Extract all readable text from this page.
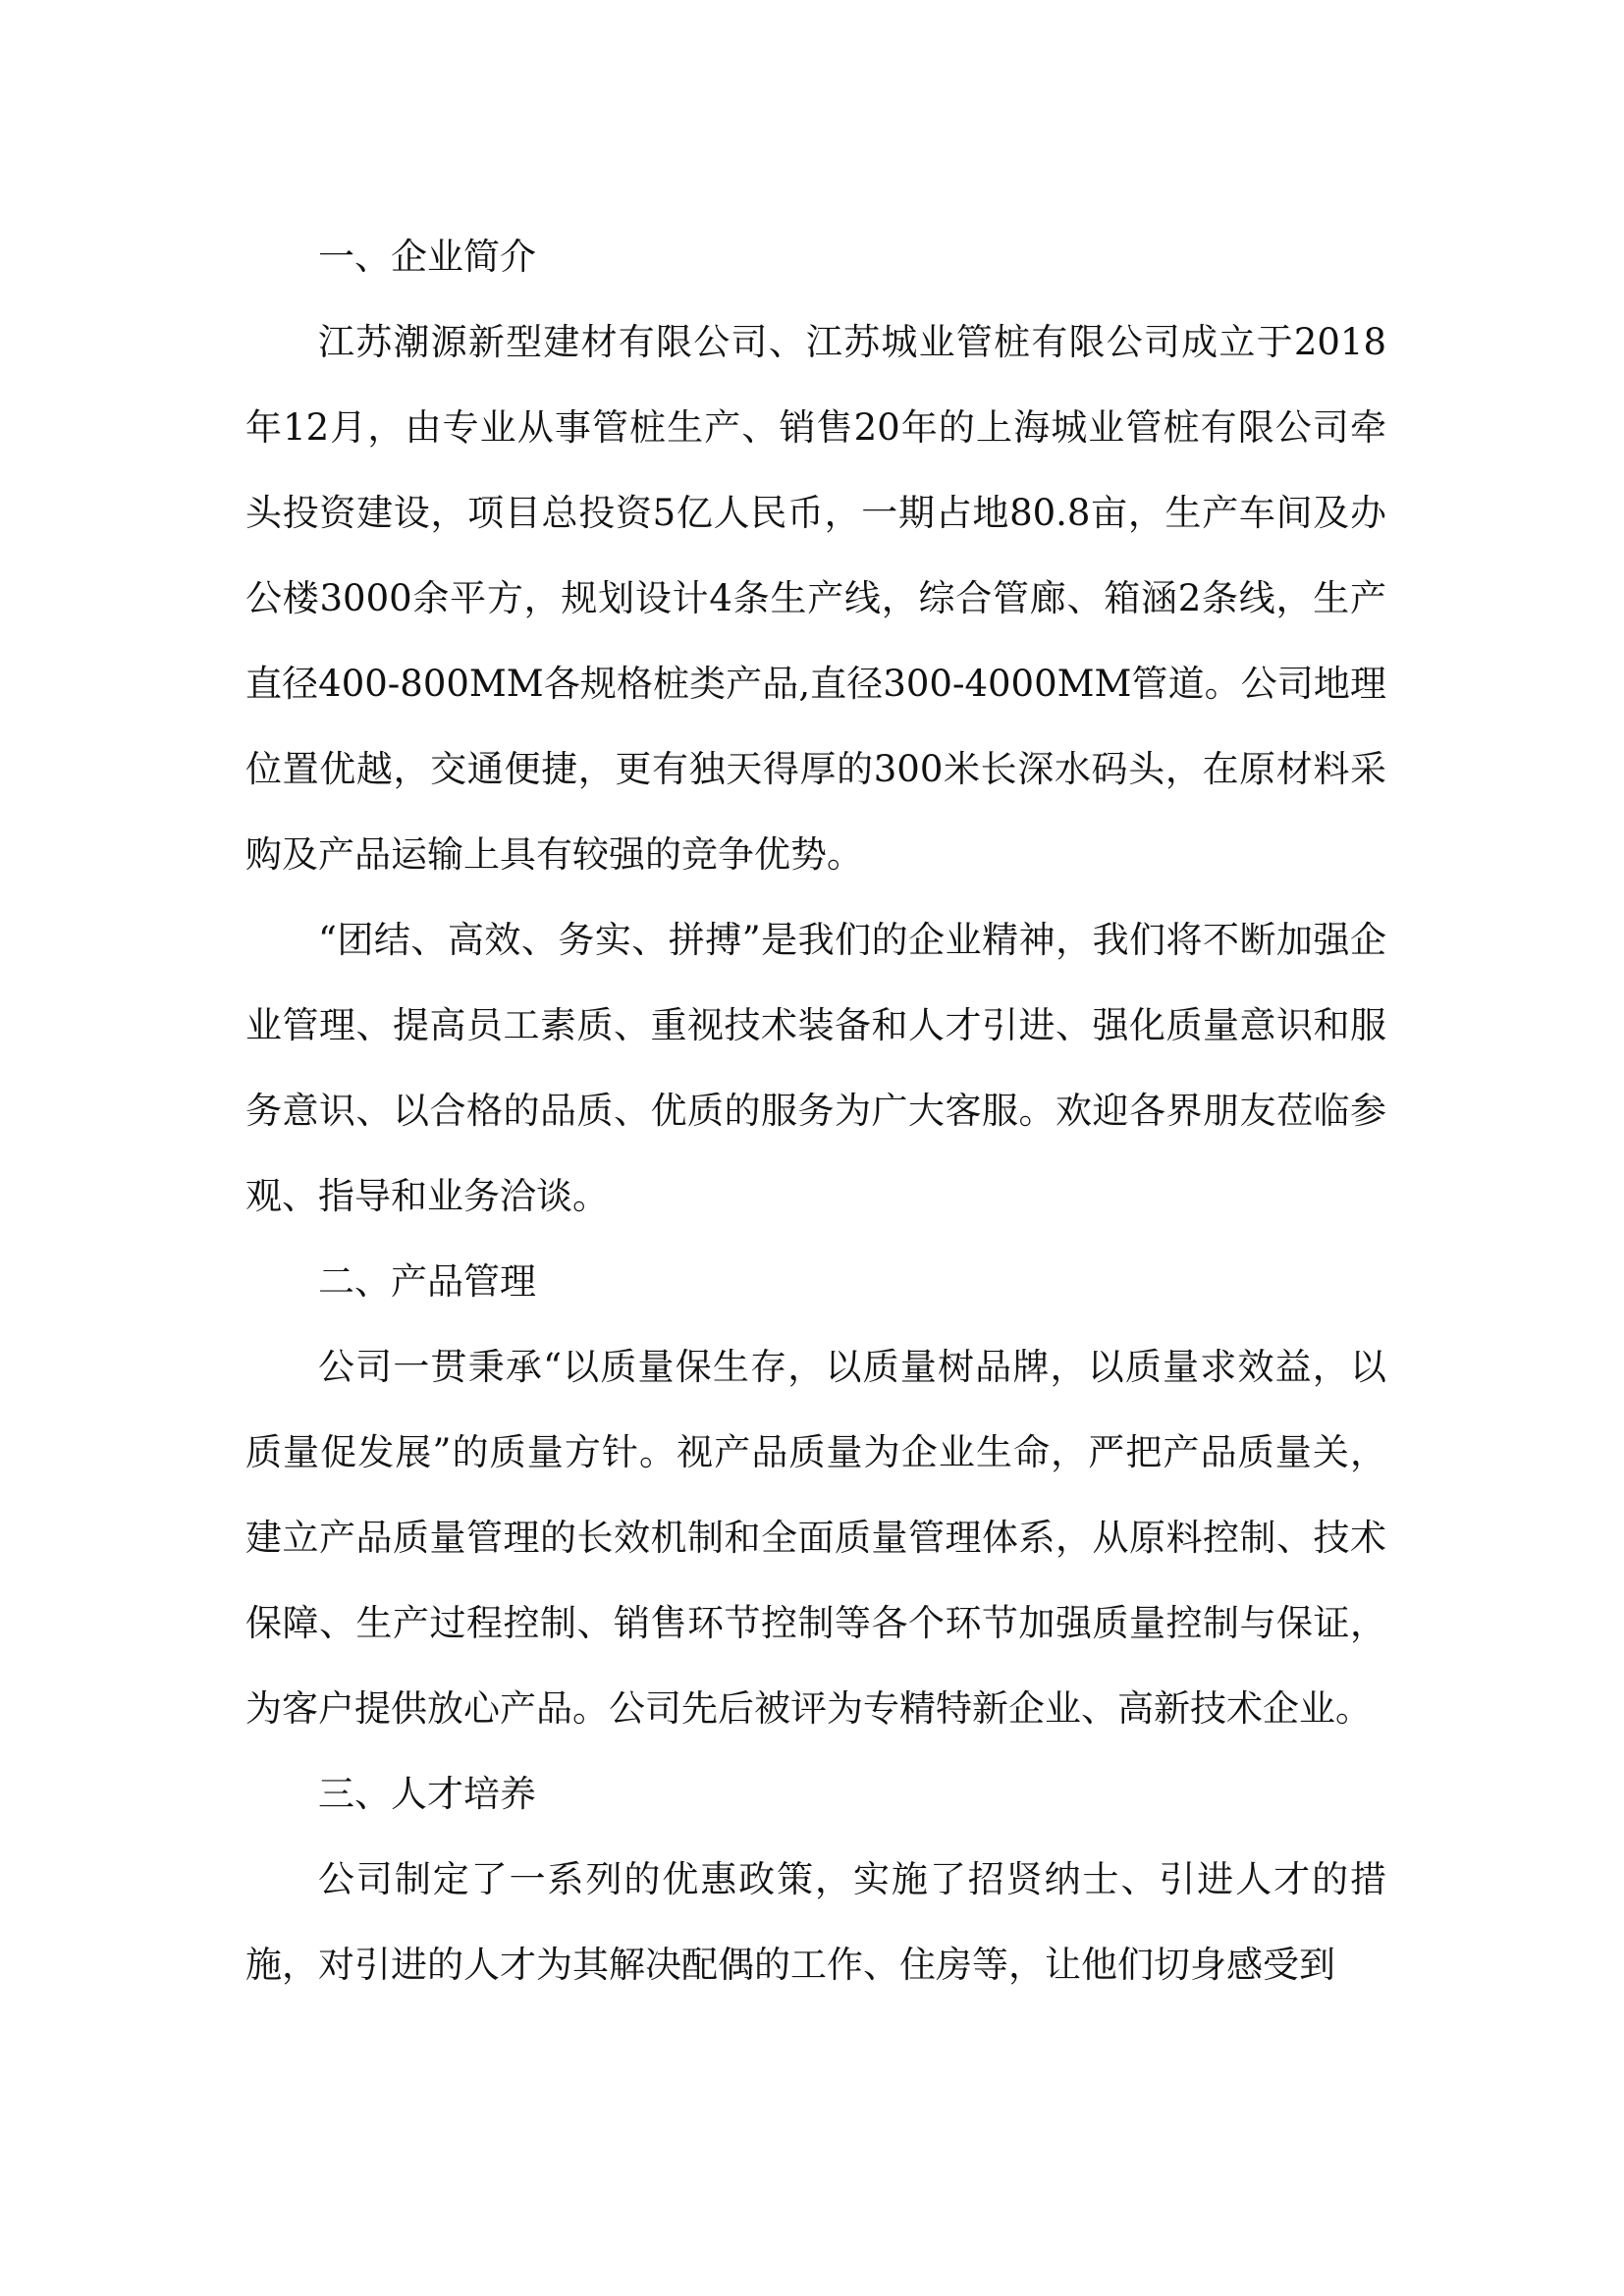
一、企业简介

江苏潮源新型建材有限公司、江苏城业管桩有限公司成立于2018年12月，由专业从事管桩生产、销售20年的上海城业管桩有限公司牵头投资建设，项目总投资5亿人民币，一期占地80.8亩，生产车间及办公楼3000余平方，规划设计4条生产线，综合管廊、箱涵2条线，生产直径400-800MM各规格桩类产品,直径300-4000MM管道。公司地理位置优越，交通便捷，更有独天得厚的300米长深水码头，在原材料采购及产品运输上具有较强的竞争优势。

“团结、高效、务实、拼搏”是我们的企业精神，我们将不断加强企业管理、提高员工素质、重视技术装备和人才引进、强化质量意识和服务意识、以合格的品质、优质的服务为广大客服。欢迎各界朋友莅临参观、指导和业务洽谈。

二、产品管理

公司一贯秉承“以质量保生存，以质量树品牌，以质量求效益，以质量促发展”的质量方针。视产品质量为企业生命，严把产品质量关，建立产品质量管理的长效机制和全面质量管理体系，从原料控制、技术保障、生产过程控制、销售环节控制等各个环节加强质量控制与保证，为客户提供放心产品。公司先后被评为专精特新企业、高新技术企业。

三、人才培养

公司制定了一系列的优惠政策，实施了招贤纳士、引进人才的措施，对引进的人才为其解决配偶的工作、住房等，让他们切身感受到
